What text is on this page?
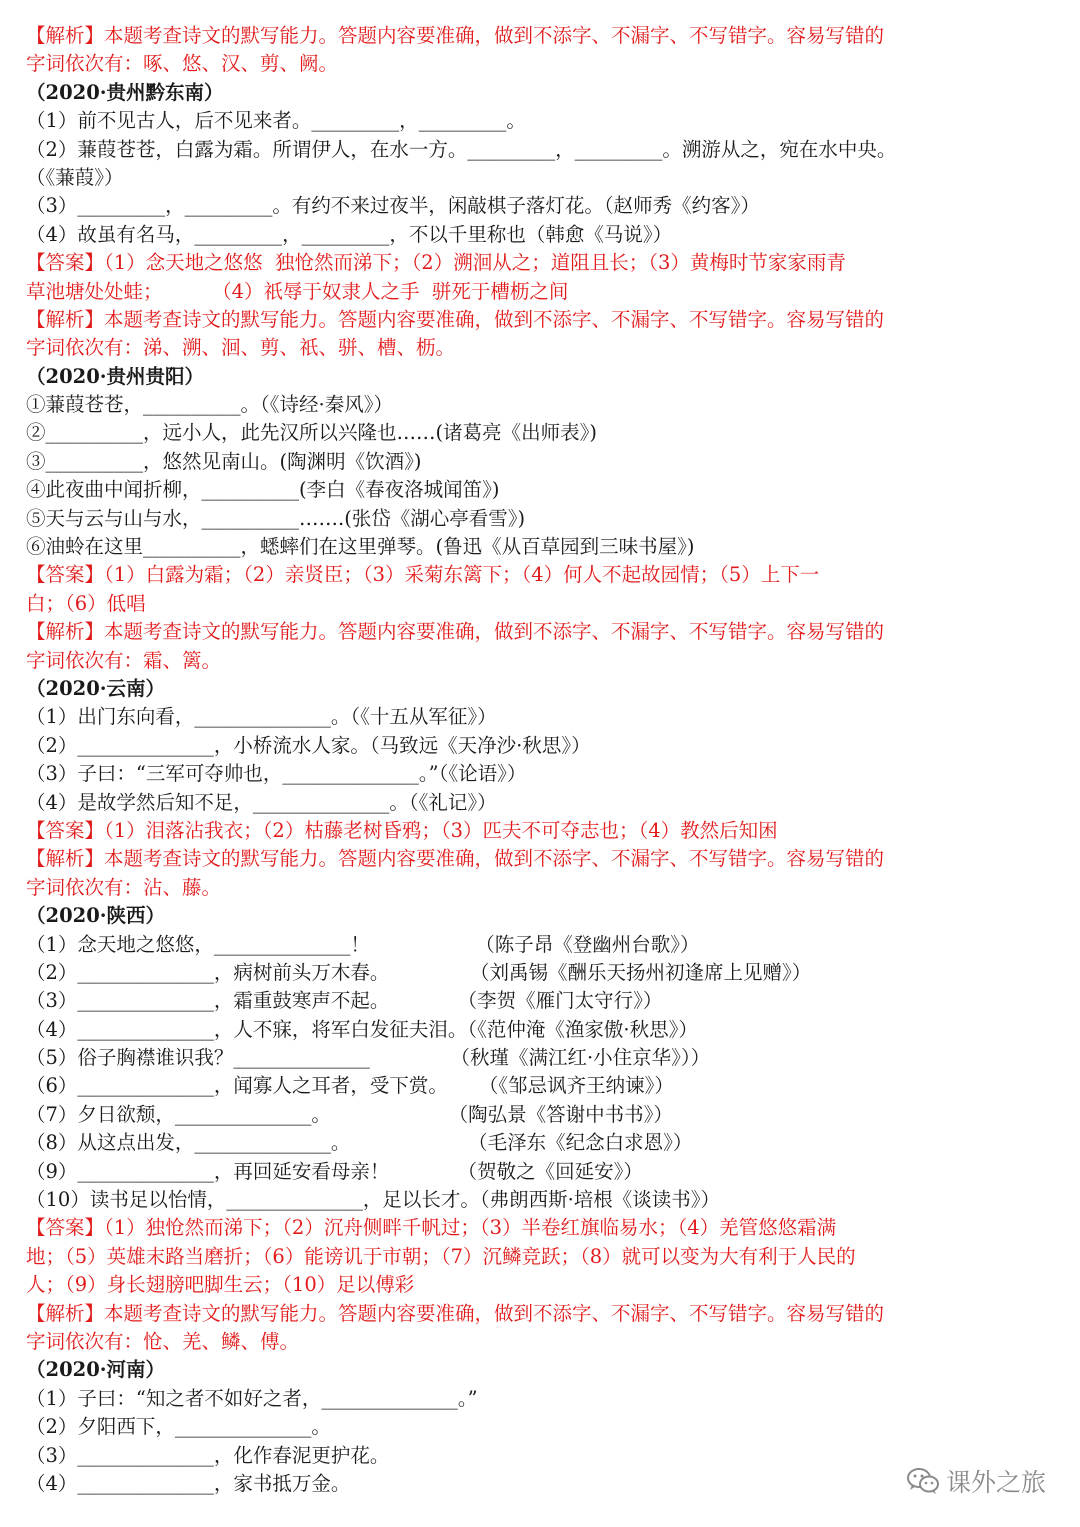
【解析】本题考查诗文的默写能力。答题内容要准确，做到不添字、不漏字、不写错字。容易写错的
字词依次有：啄、悠、汉、剪、阙。
（2020·贵州黔东南）
（1）前不见古人，后不见来者。_________，_________。
（2）蒹葭苍苍，白露为霜。所谓伊人，在水一方。_________，_________。溯游从之，宛在水中央。
（《蒹葭》）
（3）_________，_________。有约不来过夜半，闲敲棋子落灯花。（赵师秀《约客》）
（4）故虽有名马，_________，_________，不以千里称也（韩愈《马说》）
【答案】（1）念天地之悠悠  独怆然而涕下；（2）溯洄从之；道阻且长；（3）黄梅时节家家雨青
草池塘处处蛙；        （4）祇辱于奴隶人之手  骈死于槽枥之间
【解析】本题考查诗文的默写能力。答题内容要准确，做到不添字、不漏字、不写错字。容易写错的
字词依次有：涕、溯、洄、剪、祇、骈、槽、枥。
（2020·贵州贵阳）
①蒹葭苍苍，__________。（《诗经·秦风》）
②__________，远小人，此先汉所以兴隆也……(诸葛亮《出师表》)
③__________，悠然见南山。(陶渊明《饮酒》)
④此夜曲中闻折柳，__________(李白《春夜洛城闻笛》)
⑤天与云与山与水，__________…….(张岱《湖心亭看雪》)
⑥油蛉在这里__________，蟋蟀们在这里弹琴。(鲁迅《从百草园到三味书屋》)
【答案】（1）白露为霜；（2）亲贤臣；（3）采菊东篱下；（4）何人不起故园情；（5）上下一
白；（6）低唱
【解析】本题考查诗文的默写能力。答题内容要准确，做到不添字、不漏字、不写错字。容易写错的
字词依次有：霜、篱。
（2020·云南）
（1）出门东向看，______________。（《十五从军征》）
（2）______________，小桥流水人家。（马致远《天净沙·秋思》）
（3）子曰：“三军可夺帅也，______________。”（《论语》）
（4）是故学然后知不足，______________。（《礼记》）
【答案】（1）泪落沾我衣；（2）枯藤老树昏鸦；（3）匹夫不可夺志也；（4）教然后知困
【解析】本题考查诗文的默写能力。答题内容要准确，做到不添字、不漏字、不写错字。容易写错的
字词依次有：沾、藤。
（2020·陕西）
（1）念天地之悠悠，______________！                 （陈子昂《登幽州台歌》）
（2）______________，病树前头万木春。             （刘禹锡《酬乐天扬州初逢席上见赠》）
（3）______________，霜重鼓寒声不起。           （李贺《雁门太守行》）
（4）______________，人不寐，将军白发征夫泪。（《范仲淹《渔家傲·秋思》）
（5）俗子胸襟谁识我？______________             （秋瑾《满江红·小住京华》））
（6）______________，闻寡人之耳者，受下赏。     （《邹忌讽齐王纳谏》）
（7）夕日欲颓，______________。                   （陶弘景《答谢中书书》）
（8）从这点出发，______________。                   （毛泽东《纪念白求恩》）
（9）______________，再回延安看母亲！           （贺敬之《回延安》）
（10）读书足以怡情，______________，足以长才。（弗朗西斯·培根《谈读书》）
【答案】（1）独怆然而涕下；（2）沉舟侧畔千帆过；（3）半卷红旗临易水；（4）羌管悠悠霜满
地；（5）英雄末路当磨折；（6）能谤讥于市朝；（7）沉鳞竞跃；（8）就可以变为大有利于人民的
人；（9）身长翅膀吧脚生云；（10）足以傅彩
【解析】本题考查诗文的默写能力。答题内容要准确，做到不添字、不漏字、不写错字。容易写错的
字词依次有：怆、羌、鳞、傅。
（2020·河南）
（1）子曰：“知之者不如好之者，______________。”
（2）夕阳西下，______________。
（3）______________，化作春泥更护花。
（4）______________，家书抵万金。	课外之旅
